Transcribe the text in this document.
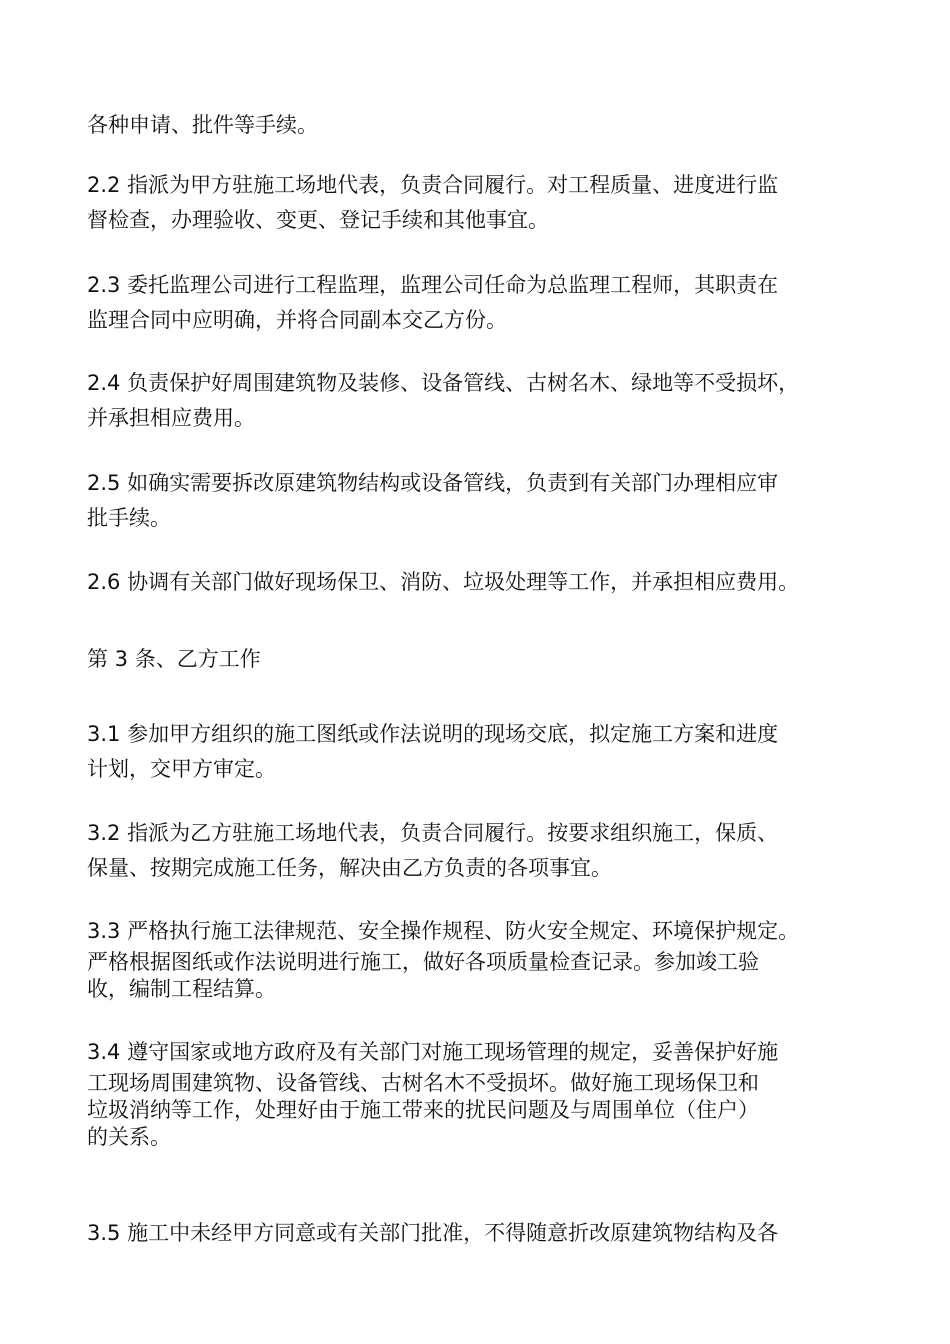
各种申请、批件等手续。

2.2 指派为甲方驻施工场地代表，负责合同履行。对工程质量、进度进行监
督检查，办理验收、变更、登记手续和其他事宜。

2.3 委托监理公司进行工程监理，监理公司任命为总监理工程师，其职责在
监理合同中应明确，并将合同副本交乙方份。

2.4 负责保护好周围建筑物及装修、设备管线、古树名木、绿地等不受损坏，
并承担相应费用。

2.5 如确实需要拆改原建筑物结构或设备管线，负责到有关部门办理相应审
批手续。

2.6 协调有关部门做好现场保卫、消防、垃圾处理等工作，并承担相应费用。

第 3 条、乙方工作

3.1 参加甲方组织的施工图纸或作法说明的现场交底，拟定施工方案和进度
计划，交甲方审定。

3.2 指派为乙方驻施工场地代表，负责合同履行。按要求组织施工，保质、
保量、按期完成施工任务，解决由乙方负责的各项事宜。

3.3 严格执行施工法律规范、安全操作规程、防火安全规定、环境保护规定。
严格根据图纸或作法说明进行施工，做好各项质量检查记录。参加竣工验
收，编制工程结算。

3.4 遵守国家或地方政府及有关部门对施工现场管理的规定，妥善保护好施
工现场周围建筑物、设备管线、古树名木不受损坏。做好施工现场保卫和
垃圾消纳等工作，处理好由于施工带来的扰民问题及与周围单位（住户）
的关系。

3.5 施工中未经甲方同意或有关部门批准，不得随意折改原建筑物结构及各
